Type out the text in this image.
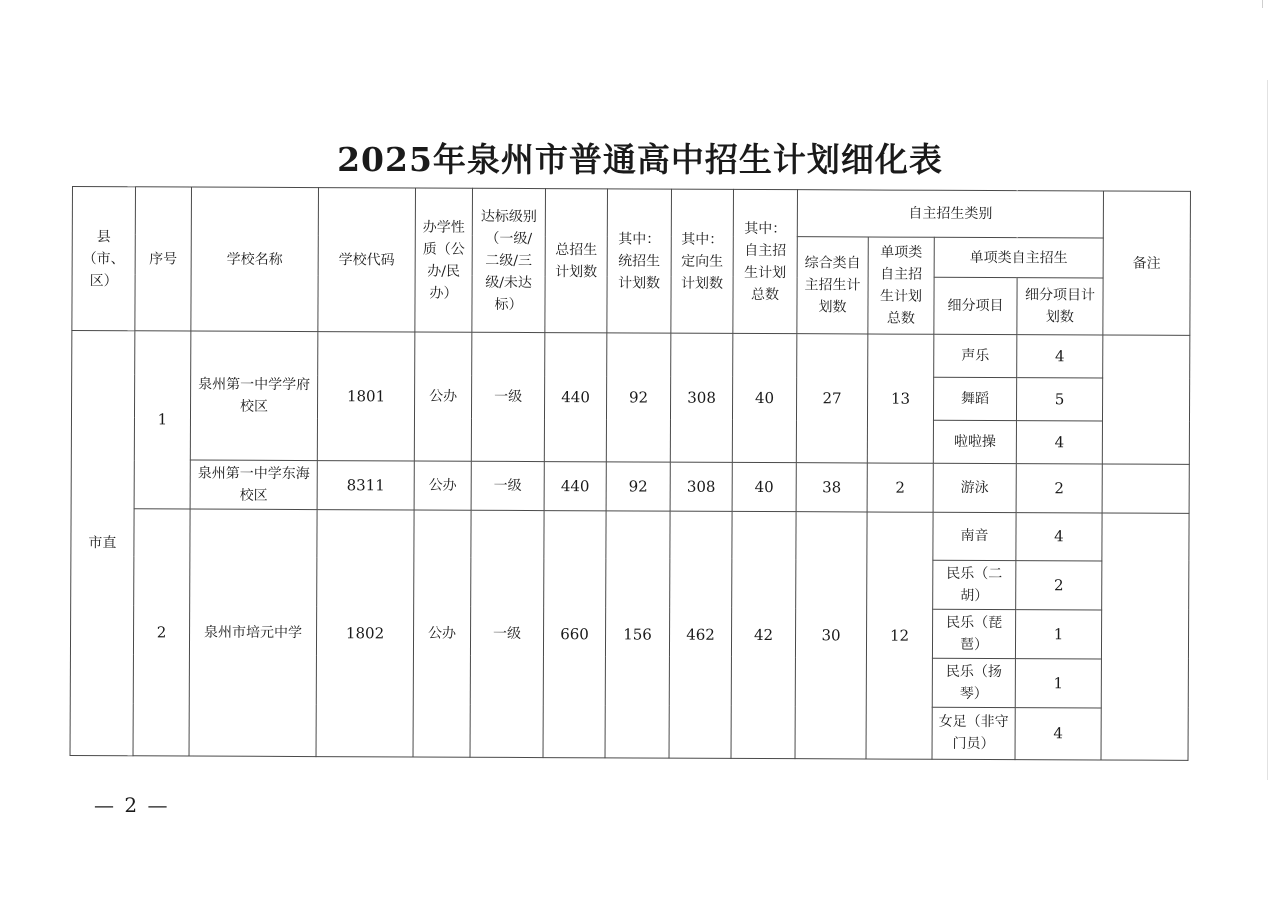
2025年泉州市普通高中招生计划细化表
县（市、区）	序号	学校名称	学校代码	办学性质（公办/民办）	达标级别（一级/二级/三级/未达标）	总招生计划数	其中：统招生计划数	其中：定向生计划数	其中：自主招生计划总数	自主招生类别				备注
										综合类自主招生计划数	单项类自主招生计划总数	单项类自主招生		
												细分项目	细分项目计划数	
市直	1	泉州第一中学学府校区	1801	公办	一级	440	92	308	40	27	13	声乐	4	
												舞蹈	5	
												啦啦操	4	
		泉州第一中学东海校区	8311	公办	一级	440	92	308	40	38	2	游泳	2	
	2	泉州市培元中学	1802	公办	一级	660	156	462	42	30	12	南音	4	
												民乐（二胡）	2	
												民乐（琵琶）	1	
												民乐（扬琴）	1	
												女足（非守门员）	4	
— 2 —
